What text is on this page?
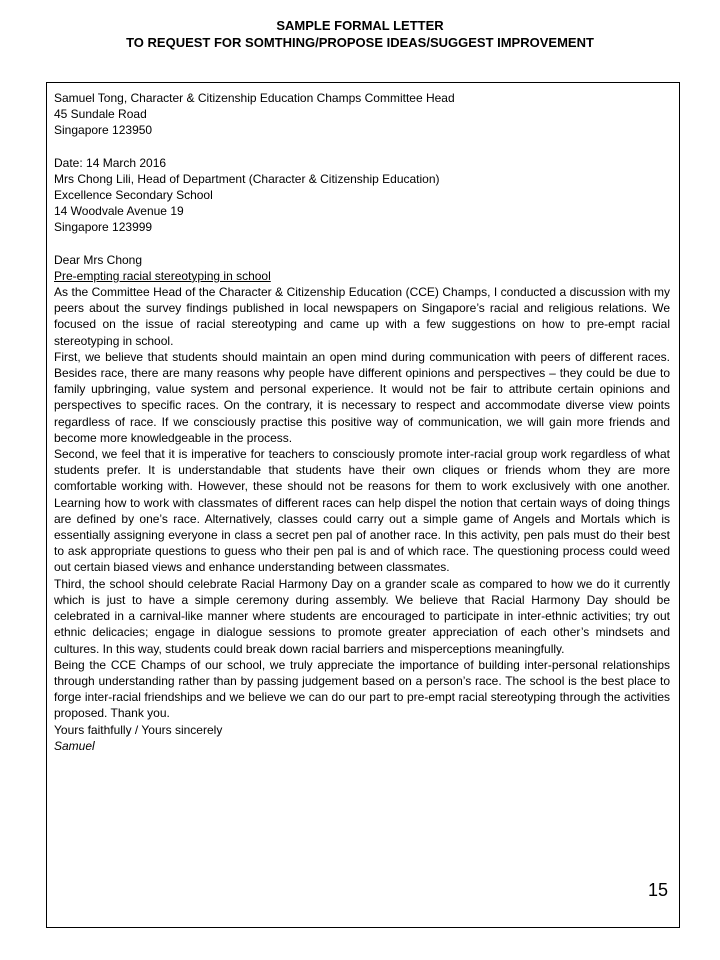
SAMPLE FORMAL LETTER

TO REQUEST FOR SOMTHING/PROPOSE IDEAS/SUGGEST IMPROVEMENT

Samuel Tong, Character & Citizenship Education Champs Committee Head

45 Sundale Road

Singapore 123950

Date: 14 March 2016

Mrs Chong Lili, Head of Department (Character & Citizenship Education)

Excellence Secondary School

14 Woodvale Avenue 19

Singapore 123999

Dear Mrs Chong

Pre-empting racial stereotyping in school

As the Committee Head of the Character & Citizenship Education (CCE) Champs, I conducted a discussion with my peers about the survey findings published in local newspapers on Singapore’s racial and religious relations. We focused on the issue of racial stereotyping and came up with a few suggestions on how to pre-empt racial stereotyping in school.

First, we believe that students should maintain an open mind during communication with peers of different races. Besides race, there are many reasons why people have different opinions and perspectives – they could be due to family upbringing, value system and personal experience. It would not be fair to attribute certain opinions and perspectives to specific races. On the contrary, it is necessary to respect and accommodate diverse view points regardless of race. If we consciously practise this positive way of communication, we will gain more friends and become more knowledgeable in the process.

Second, we feel that it is imperative for teachers to consciously promote inter-racial group work regardless of what students prefer. It is understandable that students have their own cliques or friends whom they are more comfortable working with. However, these should not be reasons for them to work exclusively with one another. Learning how to work with classmates of different races can help dispel the notion that certain ways of doing things are defined by one’s race. Alternatively, classes could carry out a simple game of Angels and Mortals which is essentially assigning everyone in class a secret pen pal of another race. In this activity, pen pals must do their best to ask appropriate questions to guess who their pen pal is and of which race. The questioning process could weed out certain biased views and enhance understanding between classmates.

Third, the school should celebrate Racial Harmony Day on a grander scale as compared to how we do it currently which is just to have a simple ceremony during assembly. We believe that Racial Harmony Day should be celebrated in a carnival-like manner where students are encouraged to participate in inter-ethnic activities; try out ethnic delicacies; engage in dialogue sessions to promote greater appreciation of each other’s mindsets and cultures. In this way, students could break down racial barriers and misperceptions meaningfully.

Being the CCE Champs of our school, we truly appreciate the importance of building inter-personal relationships through understanding rather than by passing judgement based on a person’s race. The school is the best place to forge inter-racial friendships and we believe we can do our part to pre-empt racial stereotyping through the activities proposed. Thank you.

Yours faithfully / Yours sincerely

Samuel

15
